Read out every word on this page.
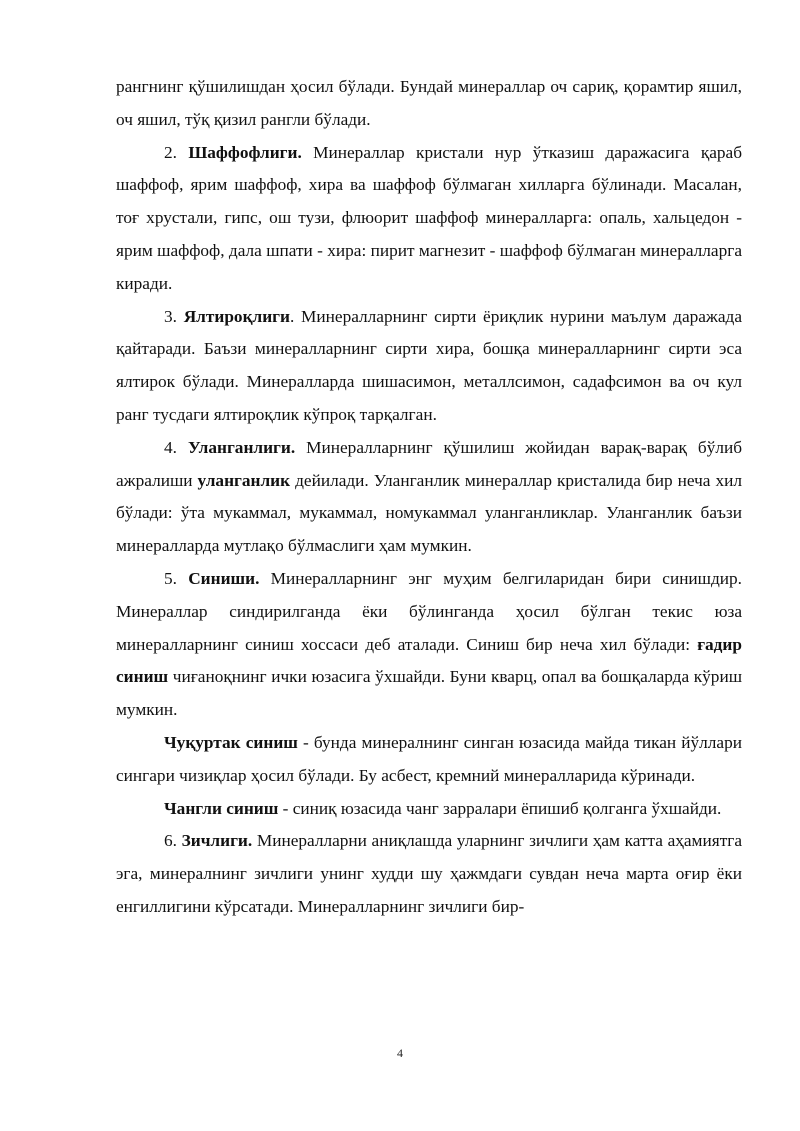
рангнинг қўшилишдан ҳосил бўлади. Бундай минераллар оч сариқ, қорамтир яшил, оч яшил, тўқ қизил рангли бўлади.

2. Шаффофлиги. Минераллар кристали нур ўтказиш даражасига қараб шаффоф, ярим шаффоф, хира ва шаффоф бўлмаган хилларга бўлинади. Масалан, тоғ хрустали, гипс, ош тузи, флюорит шаффоф минералларга: опаль, хальцедон - ярим шаффоф, дала шпати - хира: пирит магнезит - шаффоф бўлмаган минералларга киради.

3. Ялтироқлиги. Минералларнинг сирти ёриқлик нурини маълум даражада қайтаради. Баъзи минералларнинг сирти хира, бошқа минералларнинг сирти эса ялтирок бўлади. Минералларда шишасимон, металлсимон, садафсимон ва оч кул ранг тусдаги ялтироқлик кўпроқ тарқалган.

4. Уланганлиги. Минералларнинг қўшилиш жойидан варақ-варақ бўлиб ажралиши уланганлик дейилади. Уланганлик минераллар кристалида бир неча хил бўлади: ўта мукаммал, мукаммал, номукаммал уланганликлар. Уланганлик баъзи минералларда мутлақо бўлмаслиги ҳам мумкин.

5. Синиши. Минералларнинг энг муҳим белгиларидан бири синишдир. Минераллар синдирилганда ёки бўлинганда ҳосил бўлган текис юза минералларнинг синиш хоссаси деб аталади. Синиш бир неча хил бўлади: ғадир синиш чиғаноқнинг ички юзасига ўхшайди. Буни кварц, опал ва бошқаларда кўриш мумкин.

Чуқуртак синиш - бунда минералнинг синган юзасида майда тикан йўллари сингари чизиқлар ҳосил бўлади. Бу асбест, кремний минералларида кўринади.

Чангли синиш - синиқ юзасида чанг зарралари ёпишиб қолганга ўхшайди.

6. Зичлиги. Минералларни аниқлашда уларнинг зичлиги ҳам катта аҳамиятга эга, минералнинг зичлиги унинг худди шу ҳажмдаги сувдан неча марта оғир ёки енгиллигини кўрсатади. Минералларнинг зичлиги бир-

4
